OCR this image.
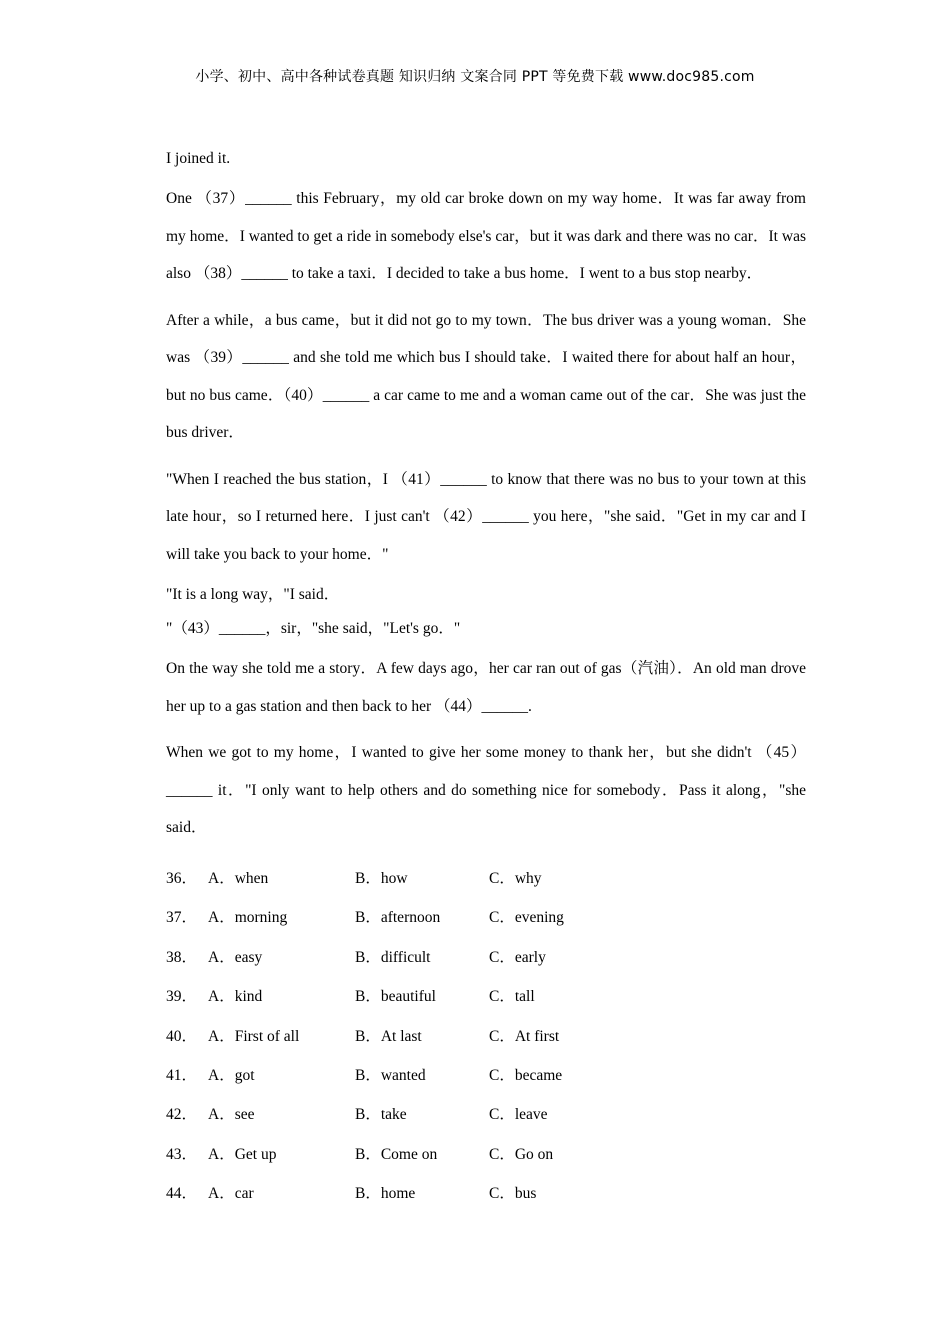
小学、初中、高中各种试卷真题 知识归纳 文案合同 PPT 等免费下载 www.doc985.com

I joined it.

One （37）______ this February，my old car broke down on my way home．It was far away from my home．I wanted to get a ride in somebody else's car，but it was dark and there was no car．It was also （38）______ to take a taxi．I decided to take a bus home．I went to a bus stop nearby．

After a while，a bus came，but it did not go to my town．The bus driver was a young woman．She was （39）______ and she told me which bus I should take．I waited there for about half an hour，but no bus came．（40）______ a car came to me and a woman came out of the car．She was just the bus driver．

"When I reached the bus station，I （41）______ to know that there was no bus to your town at this late hour，so I returned here．I just can't （42）______ you here，"she said．"Get in my car and I will take you back to your home．"

"It is a long way，"I said．

"（43）______，sir，"she said，"Let's go．"

On the way she told me a story．A few days ago，her car ran out of gas（汽油）．An old man drove her up to a gas station and then back to her （44）______.

When we got to my home，I wanted to give her some money to thank her，but she didn't （45）______ it．"I only want to help others and do something nice for somebody．Pass it along，"she said．

36． A．when	B．how	C．why
37． A．morning	B．afternoon	C．evening
38． A．easy	B．difficult	C．early
39． A．kind	B．beautiful	C．tall
40． A．First of all	B．At last	C．At first
41． A．got	B．wanted	C．became
42． A．see	B．take	C．leave
43． A．Get up	B．Come on	C．Go on
44． A．car	B．home	C．bus
